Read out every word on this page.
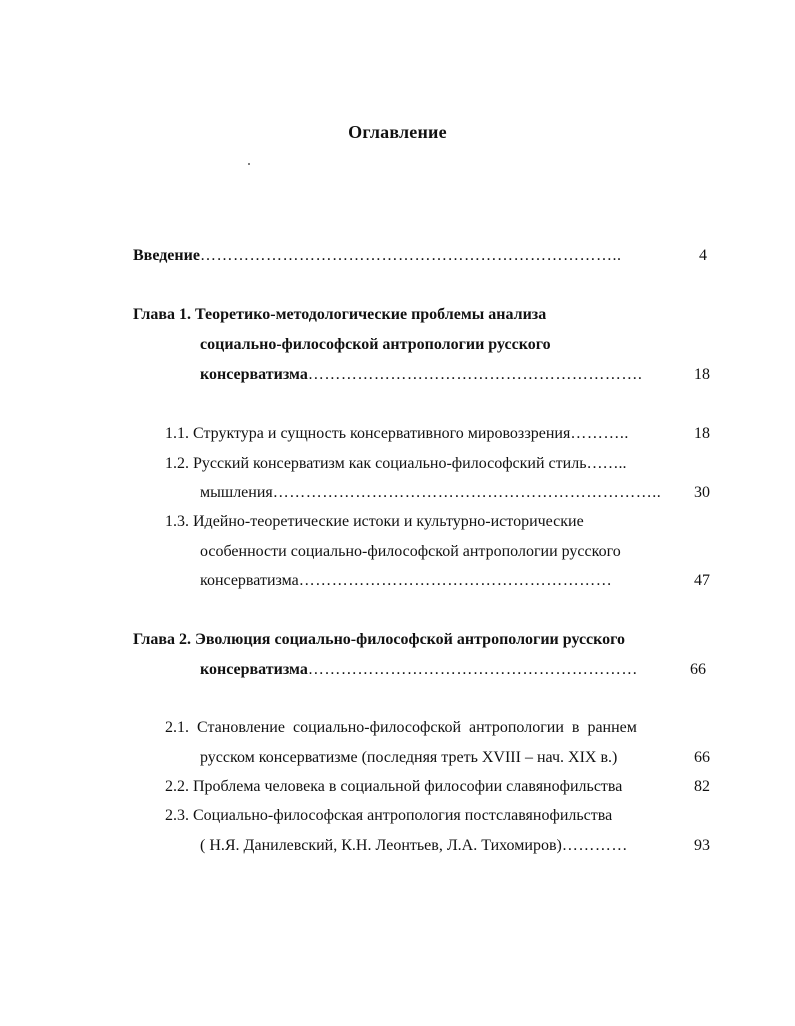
Оглавление
Введение…………………………………………………………………..	4
Глава 1. Теоретико-методологические проблемы анализа
социально-философской антропологии русского
консерватизма…………………………………………………….	18
1.1. Структура и сущность консервативного мировоззрения………..	18
1.2. Русский консерватизм как социально-философский стиль……..
мышления……………………………………………………………..	30
1.3. Идейно-теоретические истоки и культурно-исторические
особенности социально-философской антропологии русского
консерватизма…………………………………………………	47
Глава 2. Эволюция социально-философской антропологии русского
консерватизма……………………………………………………	66
2.1.  Становление  социально-философской  антропологии  в  раннем
русском консерватизме (последняя треть XVIII – нач. XIX в.)	66
2.2. Проблема человека в социальной философии славянофильства	82
2.3. Социально-философская антропология постславянофильства
( Н.Я. Данилевский, К.Н. Леонтьев, Л.А. Тихомиров)…………	93
